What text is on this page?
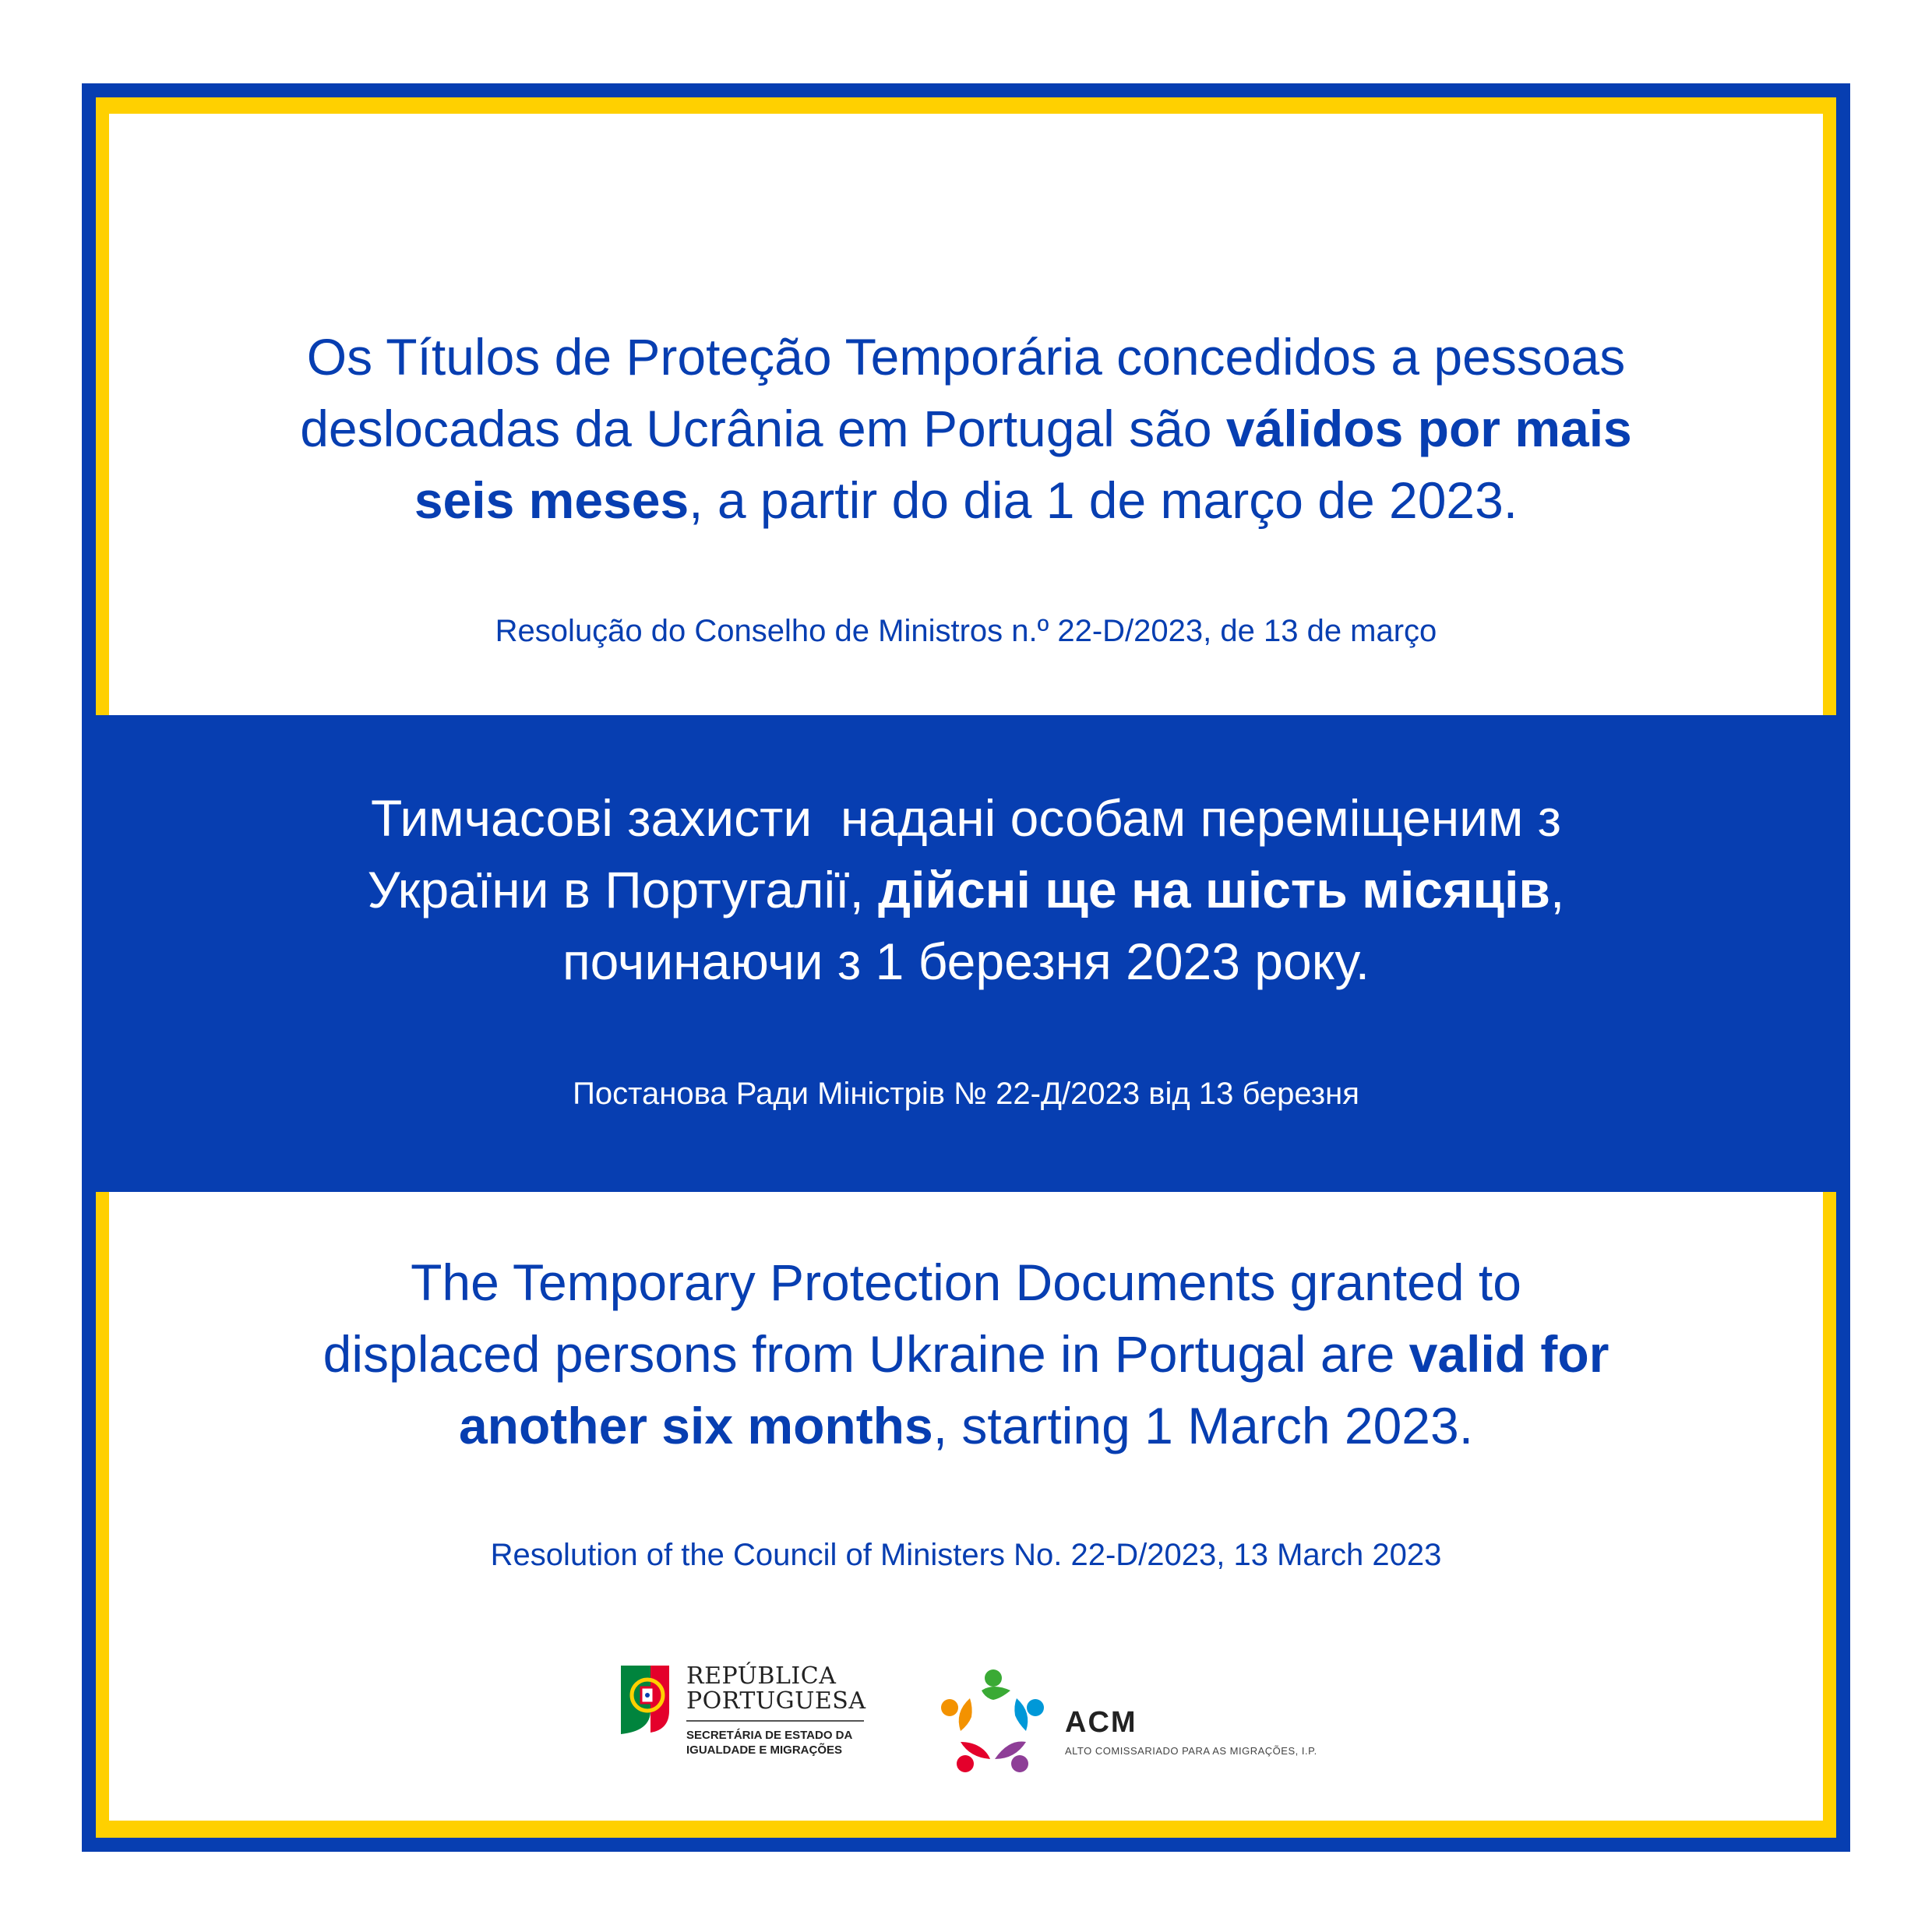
Os Títulos de Proteção Temporária concedidos a pessoas
deslocadas da Ucrânia em Portugal são válidos por mais
seis meses, a partir do dia 1 de março de 2023.

Resolução do Conselho de Ministros n.º 22-D/2023, de 13 de março

Тимчасові захисти  надані особам переміщеним з
України в Португалії, дійсні ще на шість місяців,
починаючи з 1 березня 2023 року.

Постанова Ради Міністрів № 22-Д/2023 від 13 березня

The Temporary Protection Documents granted to
displaced persons from Ukraine in Portugal are valid for
another six months, starting 1 March 2023.

Resolution of the Council of Ministers No. 22-D/2023, 13 March 2023

REPÚBLICA
PORTUGUESA
SECRETÁRIA DE ESTADO DA
IGUALDADE E MIGRAÇÕES
ACM
ALTO COMISSARIADO PARA AS MIGRAÇÕES, I.P.
